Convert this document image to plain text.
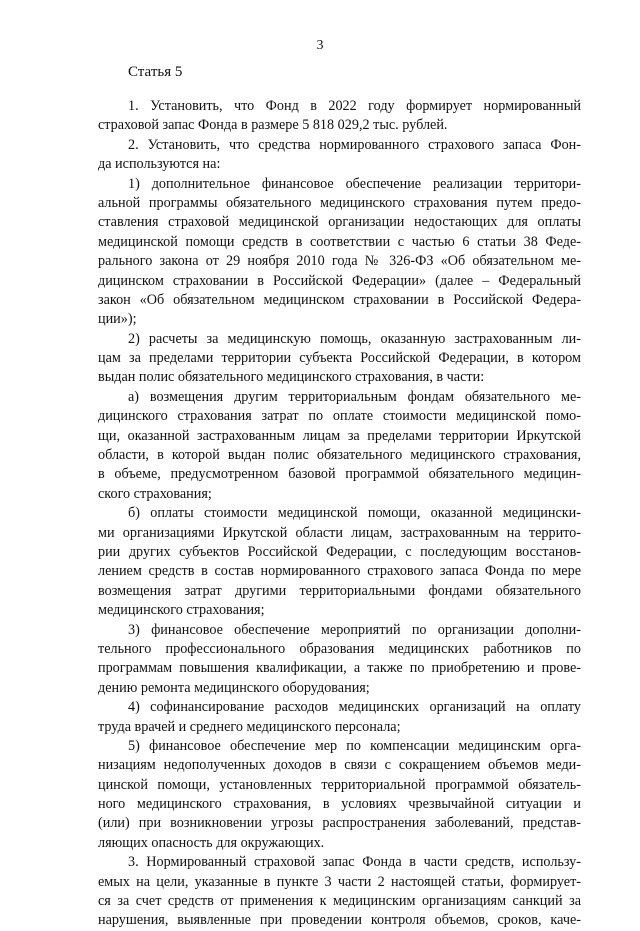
3
Статья 5
1. Установить, что Фонд в 2022 году формирует нормированный
страховой запас Фонда в размере 5 818 029,2 тыс. рублей.
2. Установить, что средства нормированного страхового запаса Фон-
да используются на:
1) дополнительное финансовое обеспечение реализации территори-
альной программы обязательного медицинского страхования путем предо-
ставления страховой медицинской организации недостающих для оплаты
медицинской помощи средств в соответствии с частью 6 статьи 38 Феде-
рального закона от 29 ноября 2010 года № 326-ФЗ «Об обязательном ме-
дицинском страховании в Российской Федерации» (далее – Федеральный
закон «Об обязательном медицинском страховании в Российской Федера-
ции»);
2) расчеты за медицинскую помощь, оказанную застрахованным ли-
цам за пределами территории субъекта Российской Федерации, в котором
выдан полис обязательного медицинского страхования, в части:
а) возмещения другим территориальным фондам обязательного ме-
дицинского страхования затрат по оплате стоимости медицинской помо-
щи, оказанной застрахованным лицам за пределами территории Иркутской
области, в которой выдан полис обязательного медицинского страхования,
в объеме, предусмотренном базовой программой обязательного медицин-
ского страхования;
б) оплаты стоимости медицинской помощи, оказанной медицински-
ми организациями Иркутской области лицам, застрахованным на террито-
рии других субъектов Российской Федерации, с последующим восстанов-
лением средств в состав нормированного страхового запаса Фонда по мере
возмещения затрат другими территориальными фондами обязательного
медицинского страхования;
3) финансовое обеспечение мероприятий по организации дополни-
тельного профессионального образования медицинских работников по
программам повышения квалификации, а также по приобретению и прове-
дению ремонта медицинского оборудования;
4) софинансирование расходов медицинских организаций на оплату
труда врачей и среднего медицинского персонала;
5) финансовое обеспечение мер по компенсации медицинским орга-
низациям недополученных доходов в связи с сокращением объемов меди-
цинской помощи, установленных территориальной программой обязатель-
ного медицинского страхования, в условиях чрезвычайной ситуации и
(или) при возникновении угрозы распространения заболеваний, представ-
ляющих опасность для окружающих.
3. Нормированный страховой запас Фонда в части средств, использу-
емых на цели, указанные в пункте 3 части 2 настоящей статьи, формирует-
ся за счет средств от применения к медицинским организациям санкций за
нарушения, выявленные при проведении контроля объемов, сроков, каче-
